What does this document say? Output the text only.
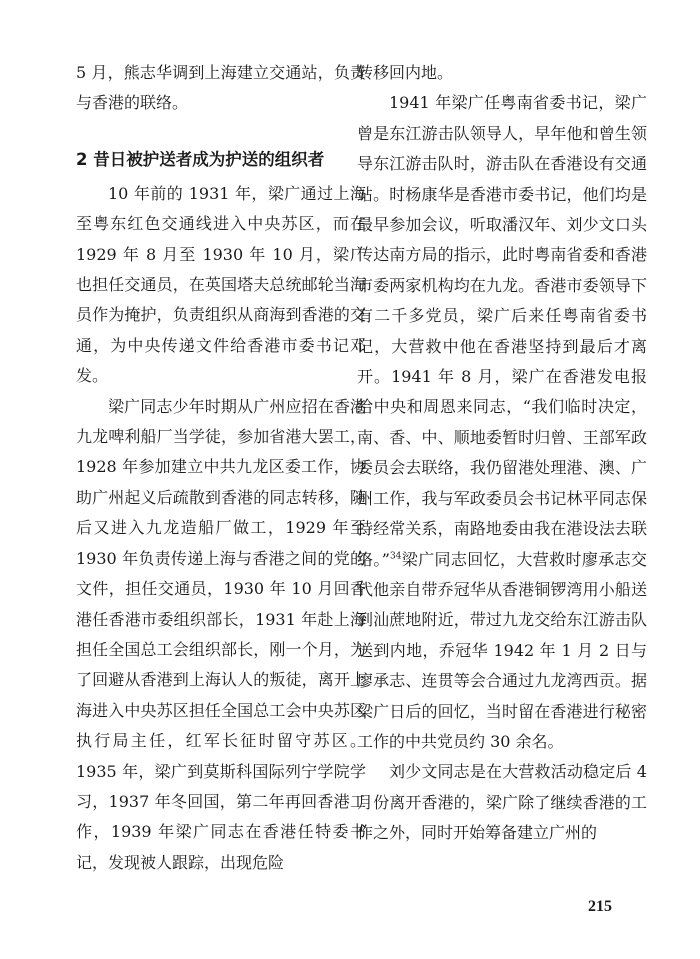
5 月，熊志华调到上海建立交通站，负责与香港的联络。

2 昔日被护送者成为护送的组织者

10 年前的 1931 年，梁广通过上海至粤东红色交通线进入中央苏区，而在 1929 年 8 月至 1930 年 10 月，梁广也担任交通员，在英国塔夫总统邮轮当海员作为掩护，负责组织从商海到香港的交通，为中央传递文件给香港市委书记邓发。

梁广同志少年时期从广州应招在香港九龙啤利船厂当学徒，参加省港大罢工，1928 年参加建立中共九龙区委工作，协助广州起义后疏散到香港的同志转移，随后又进入九龙造船厂做工，1929 年至 1930 年负责传递上海与香港之间的党的文件，担任交通员，1930 年 10 月回香港任香港市委组织部长，1931 年赴上海担任全国总工会组织部长，刚一个月，为了回避从香港到上海认人的叛徒，离开上海进入中央苏区担任全国总工会中央苏区执行局主任，红军长征时留守苏区。1935 年，梁广到莫斯科国际列宁学院学习，1937 年冬回国，第二年再回香港工作，1939 年梁广同志在香港任特委书记，发现被人跟踪，出现危险

转移回内地。

1941 年梁广任粤南省委书记，梁广曾是东江游击队领导人，早年他和曾生领导东江游击队时，游击队在香港设有交通站。时杨康华是香港市委书记，他们均是最早参加会议，听取潘汉年、刘少文口头传达南方局的指示，此时粤南省委和香港市委两家机构均在九龙。香港市委领导下有二千多党员，梁广后来任粤南省委书记，大营救中他在香港坚持到最后才离开。1941 年 8 月，梁广在香港发电报给中央和周恩来同志，“我们临时决定，南、香、中、顺地委暂时归曾、王部军政委员会去联络，我仍留港处理港、澳、广州工作，我与军政委员会书记林平同志保持经常关系，南路地委由我在港设法去联络。”$^{34}$梁广同志回忆，大营救时廖承志交代他亲自带乔冠华从香港铜锣湾用小船送到汕蔗地附近，带过九龙交给东江游击队送到内地，乔冠华 1942 年 1 月 2 日与廖承志、连贯等会合通过九龙湾西贡。据梁广日后的回忆，当时留在香港进行秘密工作的中共党员约 30 余名。

刘少文同志是在大营救活动稳定后 4 月份离开香港的，梁广除了继续香港的工作之外，同时开始筹备建立广州的

215
